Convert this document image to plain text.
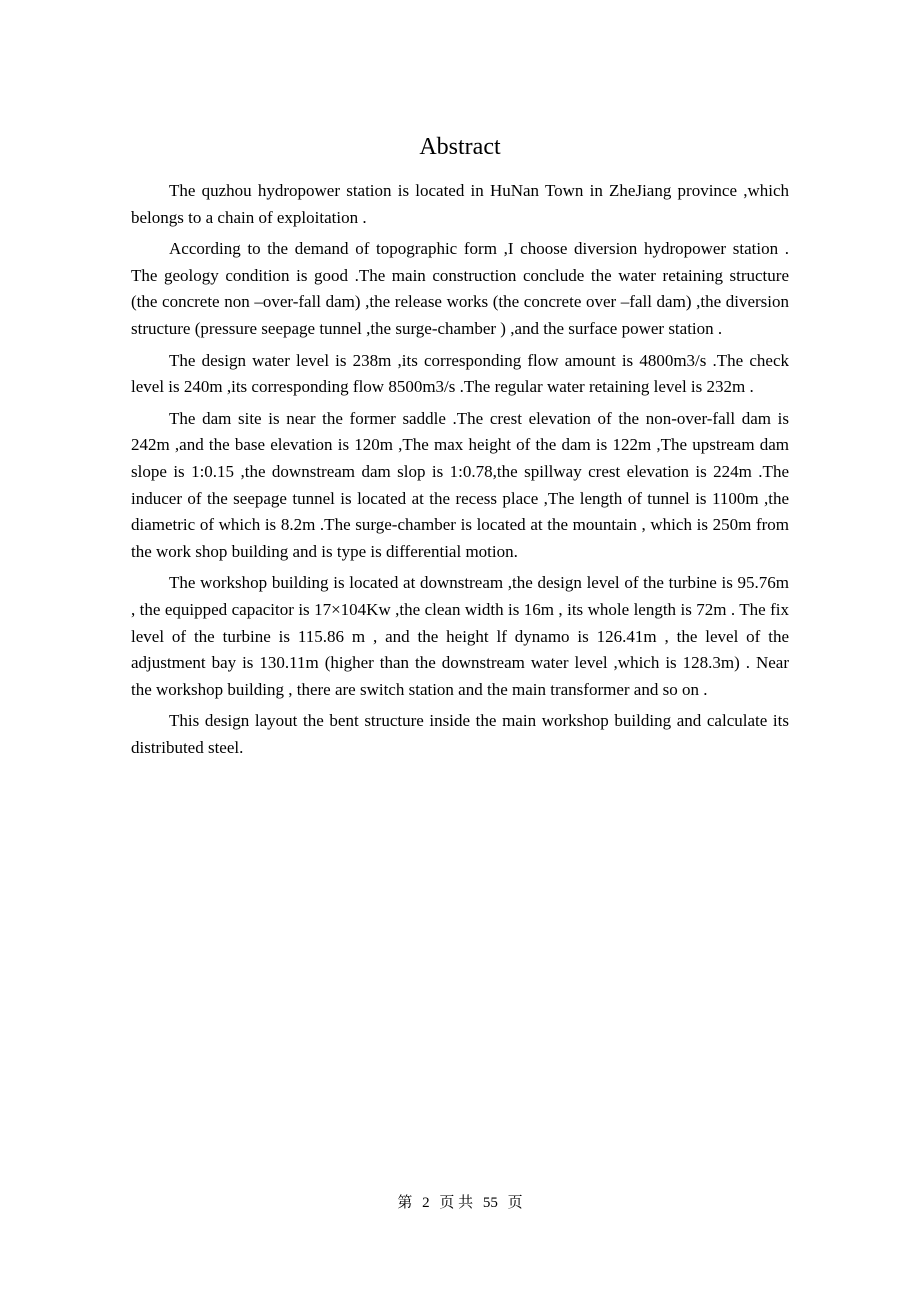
Abstract

The quzhou hydropower station is located in HuNan Town in ZheJiang province ,which belongs to a chain of exploitation .

According to the demand of topographic form ,I choose diversion hydropower station . The geology condition is good .The main construction conclude the water retaining structure    (the concrete non –over-fall dam) ,the release works (the concrete over –fall dam) ,the diversion structure (pressure seepage tunnel ,the surge-chamber ) ,and the surface power station .

The design water level is 238m ,its corresponding flow amount is 4800m3/s .The check level is 240m ,its corresponding flow 8500m3/s .The regular water retaining level is 232m .

The dam site is near the former saddle .The crest elevation of the non-over-fall dam is 242m ,and the base elevation is 120m ,The max height of the dam is 122m ,The upstream dam slope is 1:0.15 ,the downstream dam slop is 1:0.78,the spillway crest elevation is 224m .The inducer of the seepage tunnel is located at the recess place ,The length of tunnel is 1100m ,the diametric of which is 8.2m .The surge-chamber is located at the mountain , which is 250m from the work shop building and is type is differential motion.

The workshop building is located at downstream ,the design level of the turbine is 95.76m , the equipped capacitor is 17×104Kw ,the clean width is 16m , its whole length is 72m . The fix level of the turbine is 115.86 m , and the height lf dynamo is 126.41m , the level of the adjustment bay is 130.11m (higher than the downstream water level ,which is 128.3m) . Near the workshop building , there are switch station and the main transformer and so on .

This design layout the bent structure inside the main workshop building and calculate its distributed steel.

第 2 页 共 55 页
